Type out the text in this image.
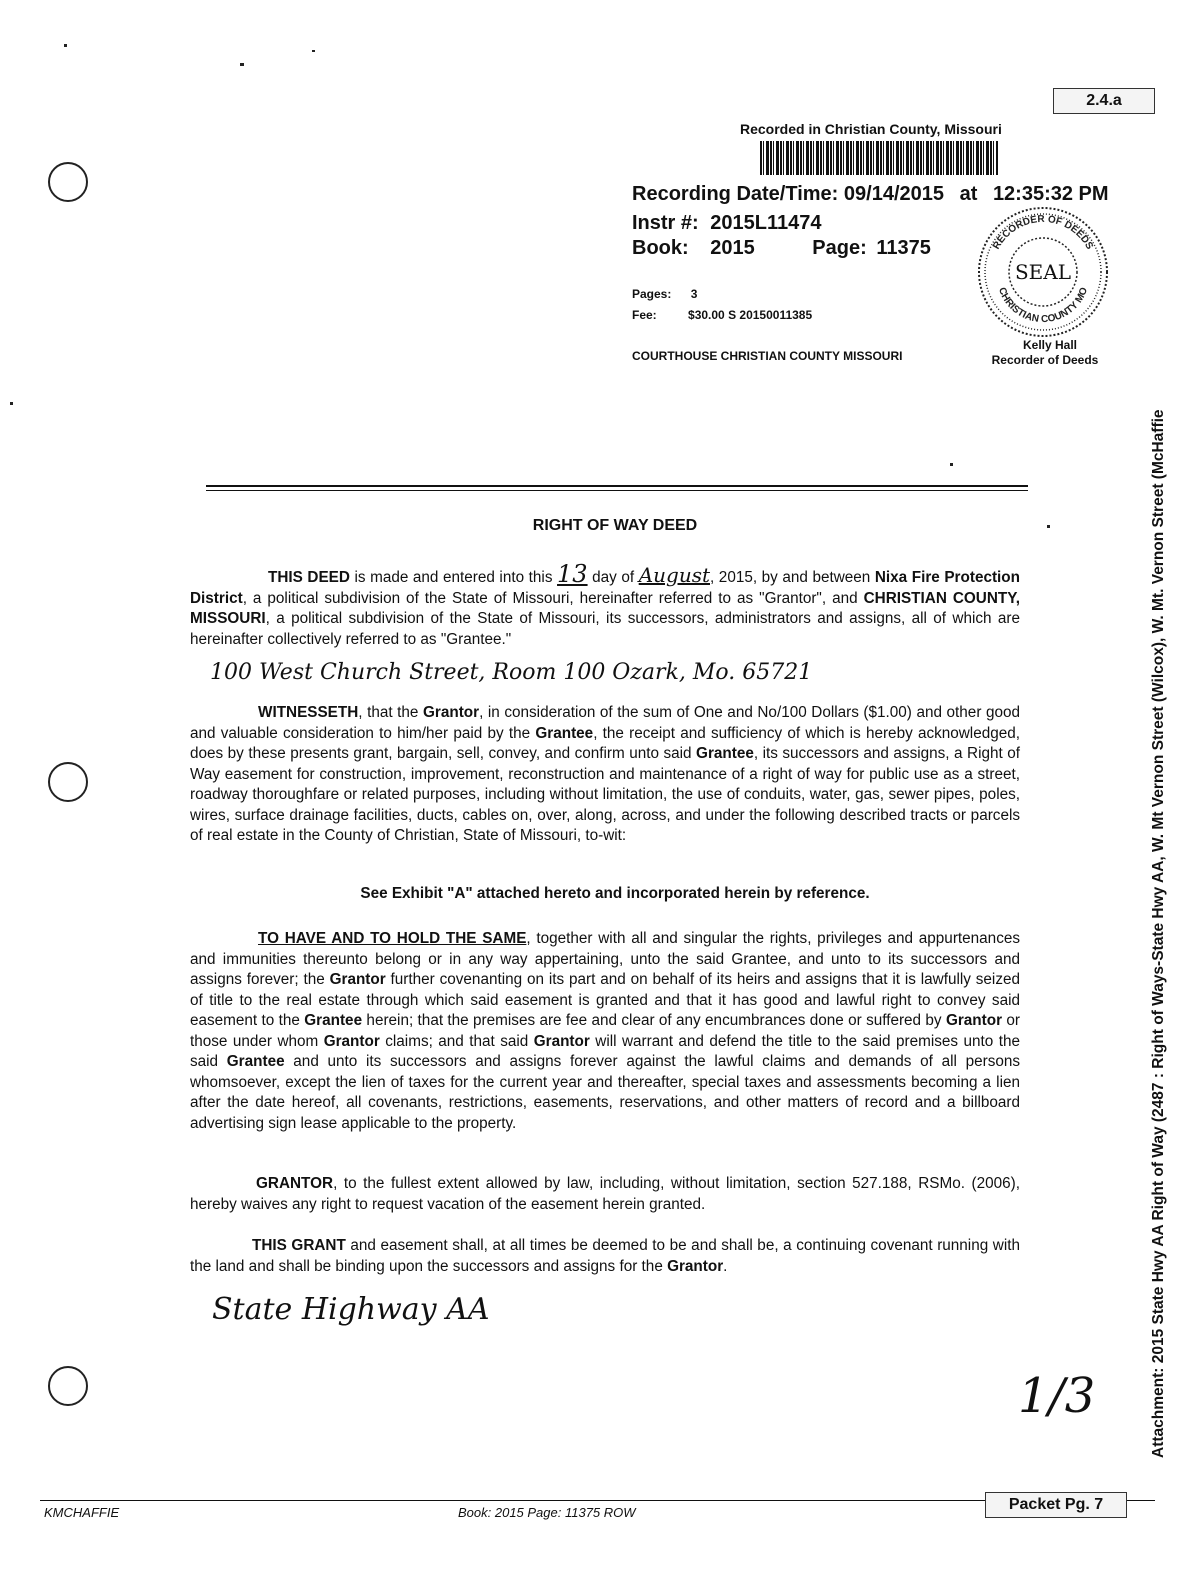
2.4.a
Recorded in Christian County, Missouri
Recording Date/Time: 09/14/2015 at 12:35:32 PM
Instr #: 2015L11474
Book: 2015	Page: 11375
Pages: 3
Fee:	$30.00 S 20150011385
COURTHOUSE CHRISTIAN COUNTY MISSOURI
RECORDER OF DEEDS
CHRISTIAN COUNTY MO
SEAL
Kelly Hall
Recorder of Deeds
RIGHT OF WAY DEED

THIS DEED is made and entered into this 13 day of August, 2015, by and between Nixa Fire Protection District, a political subdivision of the State of Missouri, hereinafter referred to as "Grantor", and CHRISTIAN COUNTY, MISSOURI, a political subdivision of the State of Missouri, its successors, administrators and assigns, all of which are hereinafter collectively referred to as "Grantee."

100 West Church Street, Room 100 Ozark, Mo. 65721

WITNESSETH, that the Grantor, in consideration of the sum of One and No/100 Dollars ($1.00) and other good and valuable consideration to him/her paid by the Grantee, the receipt and sufficiency of which is hereby acknowledged, does by these presents grant, bargain, sell, convey, and confirm unto said Grantee, its successors and assigns, a Right of Way easement for construction, improvement, reconstruction and maintenance of a right of way for public use as a street, roadway thoroughfare or related purposes, including without limitation, the use of conduits, water, gas, sewer pipes, poles, wires, surface drainage facilities, ducts, cables on, over, along, across, and under the following described tracts or parcels of real estate in the County of Christian, State of Missouri, to-wit:

See Exhibit "A" attached hereto and incorporated herein by reference.

TO HAVE AND TO HOLD THE SAME, together with all and singular the rights, privileges and appurtenances and immunities thereunto belong or in any way appertaining, unto the said Grantee, and unto to its successors and assigns forever; the Grantor further covenanting on its part and on behalf of its heirs and assigns that it is lawfully seized of title to the real estate through which said easement is granted and that it has good and lawful right to convey said easement to the Grantee herein; that the premises are fee and clear of any encumbrances done or suffered by Grantor or those under whom Grantor claims; and that said Grantor will warrant and defend the title to the said premises unto the said Grantee and unto its successors and assigns forever against the lawful claims and demands of all persons whomsoever, except the lien of taxes for the current year and thereafter, special taxes and assessments becoming a lien after the date hereof, all covenants, restrictions, easements, reservations, and other matters of record and a billboard advertising sign lease applicable to the property.

GRANTOR, to the fullest extent allowed by law, including, without limitation, section 527.188, RSMo. (2006), hereby waives any right to request vacation of the easement herein granted.

THIS GRANT and easement shall, at all times be deemed to be and shall be, a continuing covenant running with the land and shall be binding upon the successors and assigns for the Grantor.

State Highway AA
1/3	Attachment: 2015 State Hwy AA Right of Way (2487 : Right of Ways-State Hwy AA, W. Mt Vernon Street (Wilcox), W. Mt. Vernon Street (McHaffie
KMCHAFFIE	Book: 2015 Page: 11375 ROW	Packet Pg. 7
